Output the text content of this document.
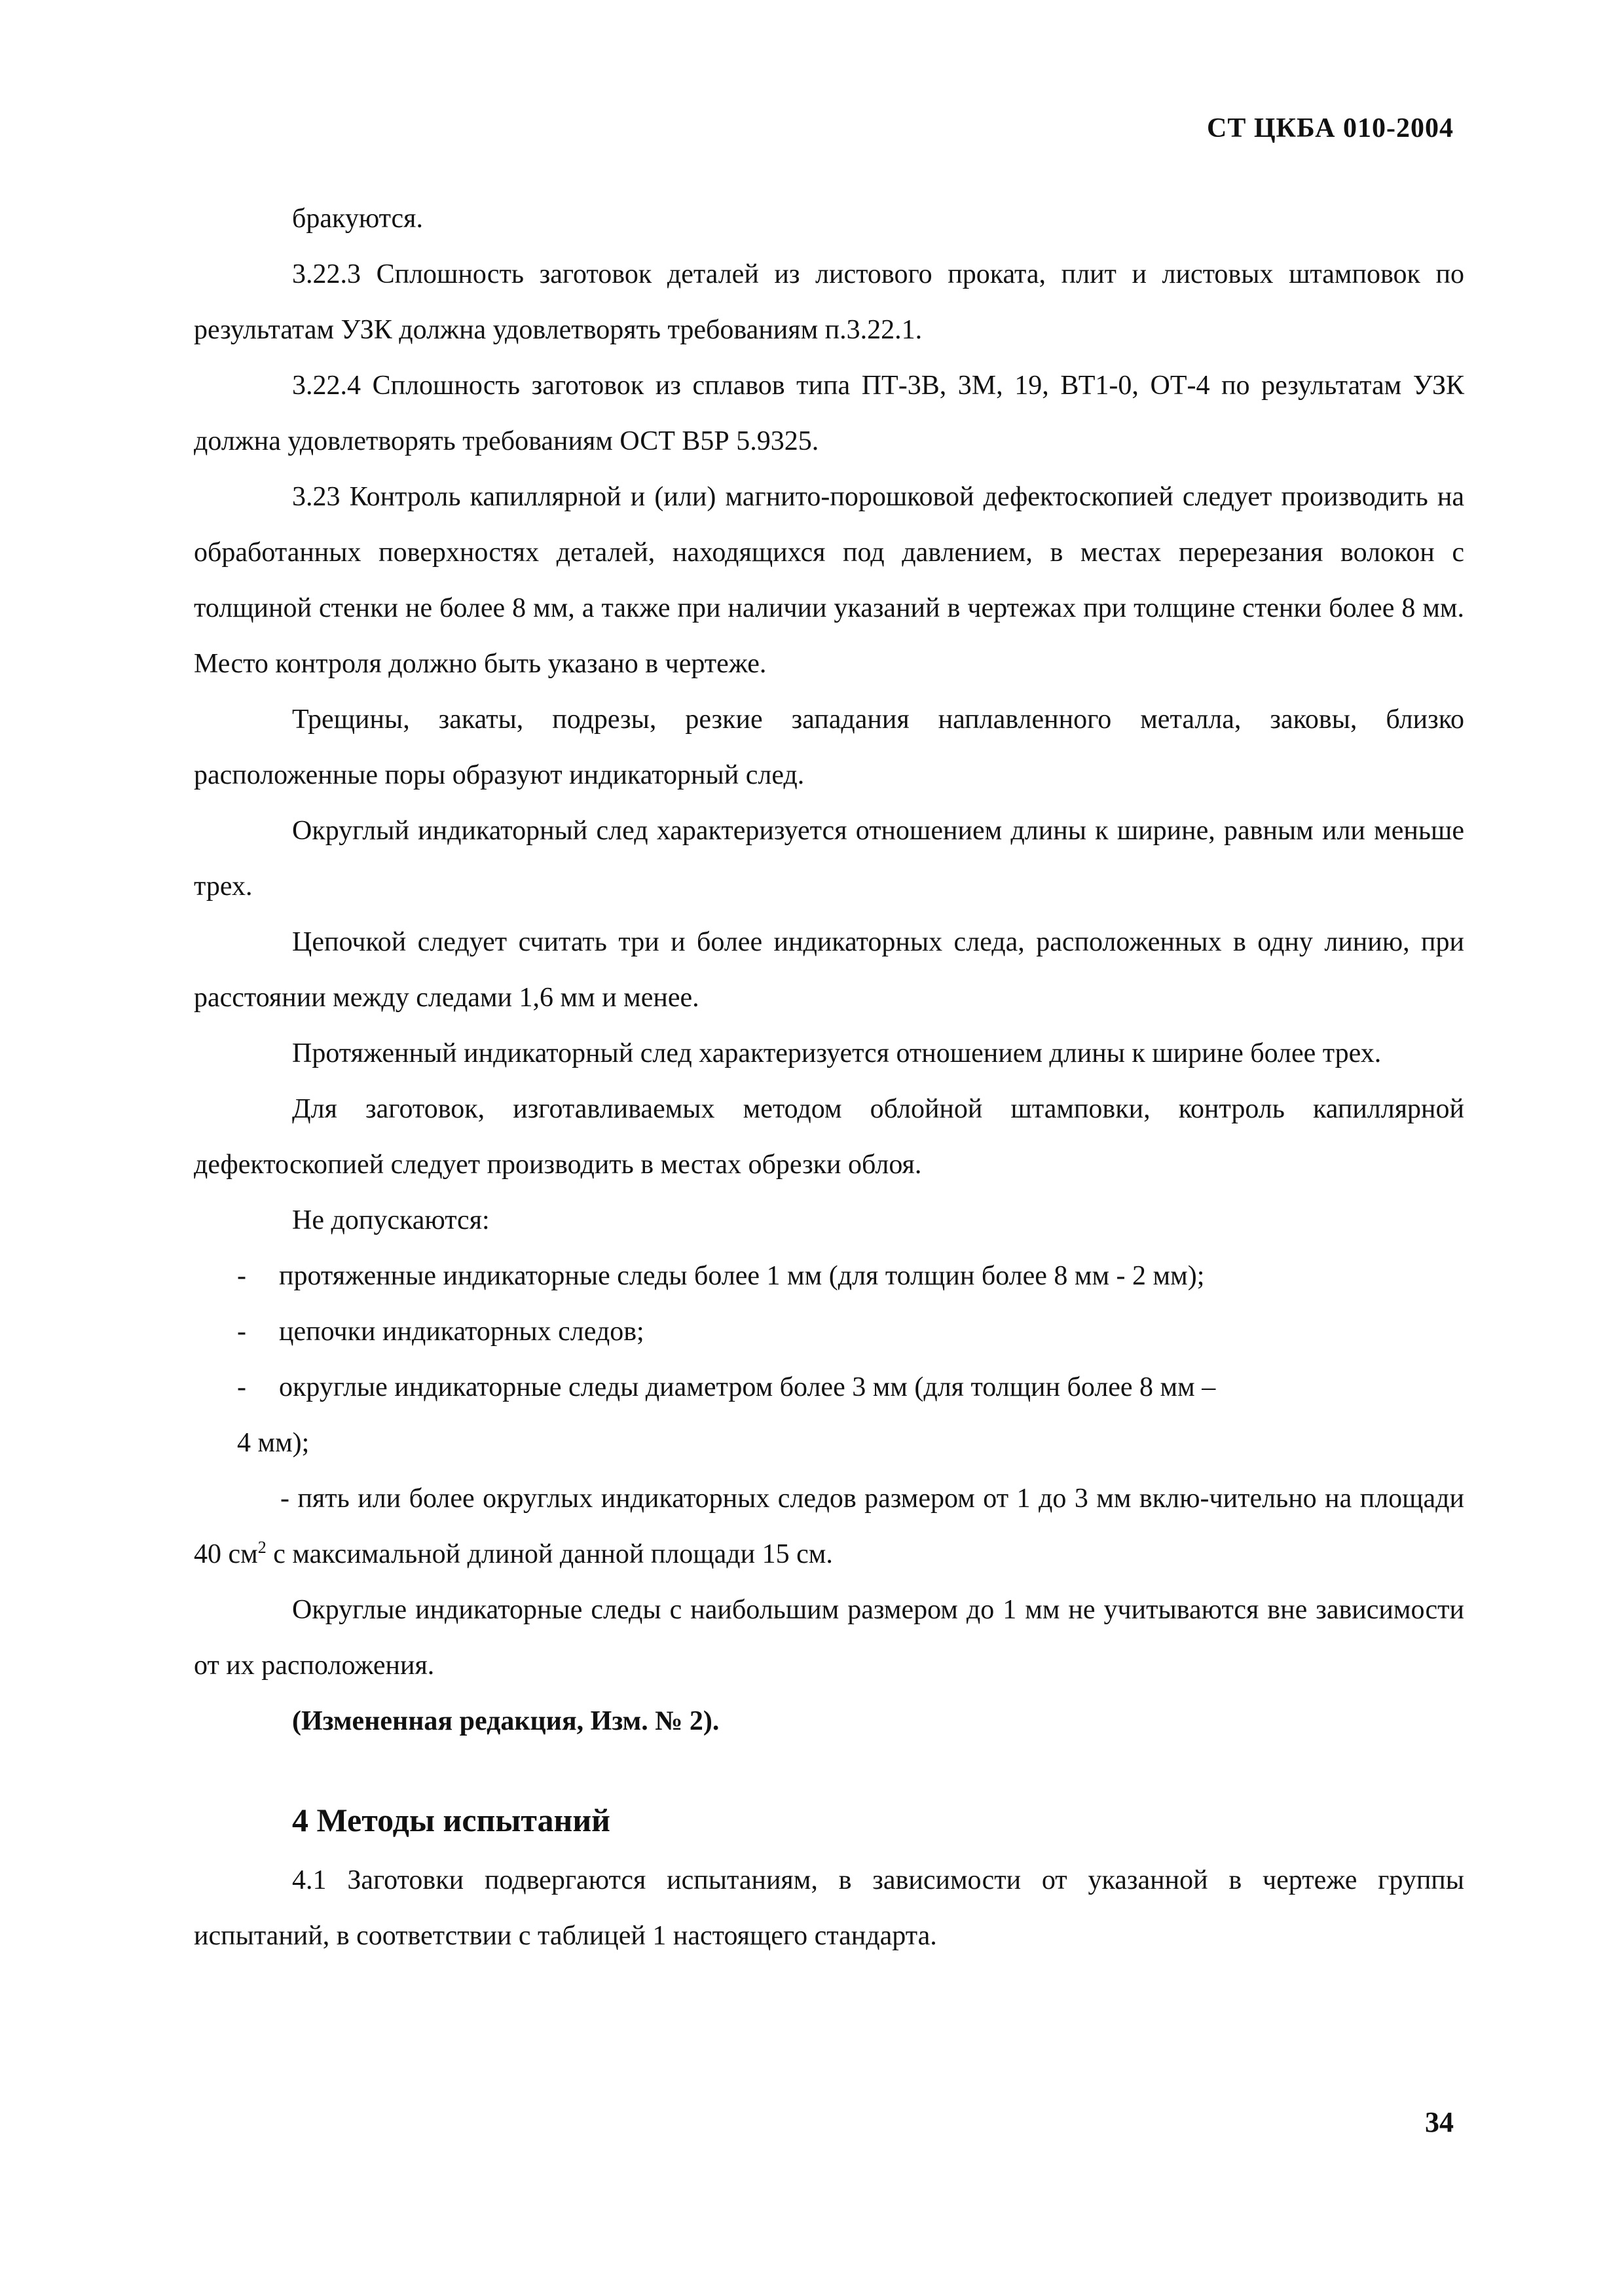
СТ ЦКБА 010-2004

бракуются.

3.22.3 Сплошность заготовок деталей из листового проката, плит и листовых штамповок по результатам УЗК должна удовлетворять требованиям п.3.22.1.

3.22.4 Сплошность заготовок из сплавов типа ПТ-3В, 3М, 19, ВТ1-0, ОТ-4 по результатам УЗК должна удовлетворять требованиям ОСТ В5Р 5.9325.

3.23 Контроль капиллярной и (или) магнито-порошковой дефектоскопией следует производить на обработанных поверхностях деталей, находящихся под давлением, в местах перерезания волокон с толщиной стенки не более 8 мм, а также при наличии указаний в чертежах при толщине стенки более 8 мм. Место контроля должно быть указано в чертеже.

Трещины, закаты, подрезы, резкие западания наплавленного металла, заковы, близко расположенные поры образуют индикаторный след.

Округлый индикаторный след характеризуется отношением длины к ширине, равным или меньше трех.

Цепочкой следует считать три и более индикаторных следа, расположенных в одну линию, при расстоянии между следами 1,6 мм и менее.

Протяженный индикаторный след характеризуется отношением длины к ширине более трех.

Для заготовок, изготавливаемых методом облойной штамповки, контроль капиллярной дефектоскопией следует производить в местах обрезки облоя.

Не допускаются:

- протяженные индикаторные следы более 1 мм (для толщин более 8 мм - 2 мм);

- цепочки индикаторных следов;

- округлые индикаторные следы диаметром более 3 мм (для толщин более 8 мм –

4 мм);

- пять или более округлых индикаторных следов размером от 1 до 3 мм вклю-чительно на площади 40 $см^2$ с максимальной длиной данной площади 15 см.

Округлые индикаторные следы с наибольшим размером до 1 мм не учитываются вне зависимости от их расположения.

(Измененная редакция, Изм. № 2).

4 Методы испытаний

4.1 Заготовки подвергаются испытаниям, в зависимости от указанной в чертеже группы испытаний, в соответствии с таблицей 1 настоящего стандарта.

34
